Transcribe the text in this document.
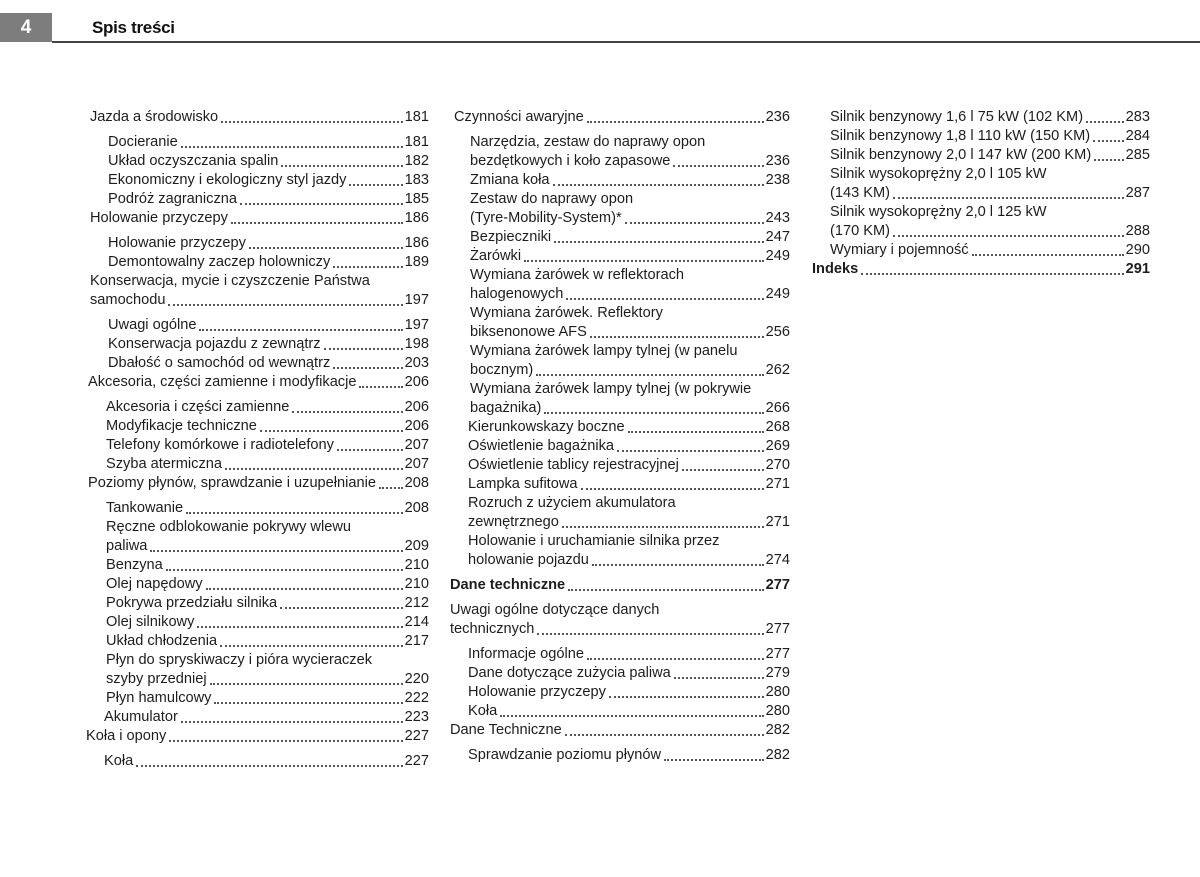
4	Spis treści
Jazda a środowisko	181
Docieranie	181
Układ oczyszczania spalin	182
Ekonomiczny i ekologiczny styl jazdy	183
Podróż zagraniczna	185
Holowanie przyczepy	186
Holowanie przyczepy	186
Demontowalny zaczep holowniczy	189
Konserwacja, mycie i czyszczenie Państwa
samochodu	197
Uwagi ogólne	197
Konserwacja pojazdu z zewnątrz	198
Dbałość o samochód od wewnątrz	203
Akcesoria, części zamienne i modyfikacje	206
Akcesoria i części zamienne	206
Modyfikacje techniczne	206
Telefony komórkowe i radiotelefony	207
Szyba atermiczna	207
Poziomy płynów, sprawdzanie i uzupełnianie 208
Tankowanie	208
Ręczne odblokowanie pokrywy wlewu
paliwa	209
Benzyna	210
Olej napędowy	210
Pokrywa przedziału silnika	212
Olej silnikowy	214
Układ chłodzenia	217
Płyn do spryskiwaczy i pióra wycieraczek
szyby przedniej	220
Płyn hamulcowy	222
Akumulator	223
Koła i opony	227
Koła	227
Czynności awaryjne	236
Narzędzia, zestaw do naprawy opon
bezdętkowych i koło zapasowe	236
Zmiana koła	238
Zestaw do naprawy opon
(Tyre-Mobility-System)*	243
Bezpieczniki	247
Żarówki	249
Wymiana żarówek w reflektorach
halogenowych	249
Wymiana żarówek. Reflektory
biksenonowe AFS	256
Wymiana żarówek lampy tylnej (w panelu
bocznym)	262
Wymiana żarówek lampy tylnej (w pokrywie
bagażnika)	266
Kierunkowskazy boczne	268
Oświetlenie bagażnika	269
Oświetlenie tablicy rejestracyjnej	270
Lampka sufitowa	271
Rozruch z użyciem akumulatora
zewnętrznego	271
Holowanie i uruchamianie silnika przez
holowanie pojazdu	274
Dane techniczne	277
Uwagi ogólne dotyczące danych
technicznych	277
Informacje ogólne	277
Dane dotyczące zużycia paliwa	279
Holowanie przyczepy	280
Koła	280
Dane Techniczne	282
Sprawdzanie poziomu płynów	282
Silnik benzynowy 1,6 l 75 kW (102 KM)	283
Silnik benzynowy 1,8 l 110 kW (150 KM) 284
Silnik benzynowy 2,0 l 147 kW (200 KM) 285
Silnik wysokoprężny 2,0 l 105 kW
(143 KM)	287
Silnik wysokoprężny 2,0 l 125 kW
(170 KM)	288
Wymiary i pojemność	290
Indeks	291
